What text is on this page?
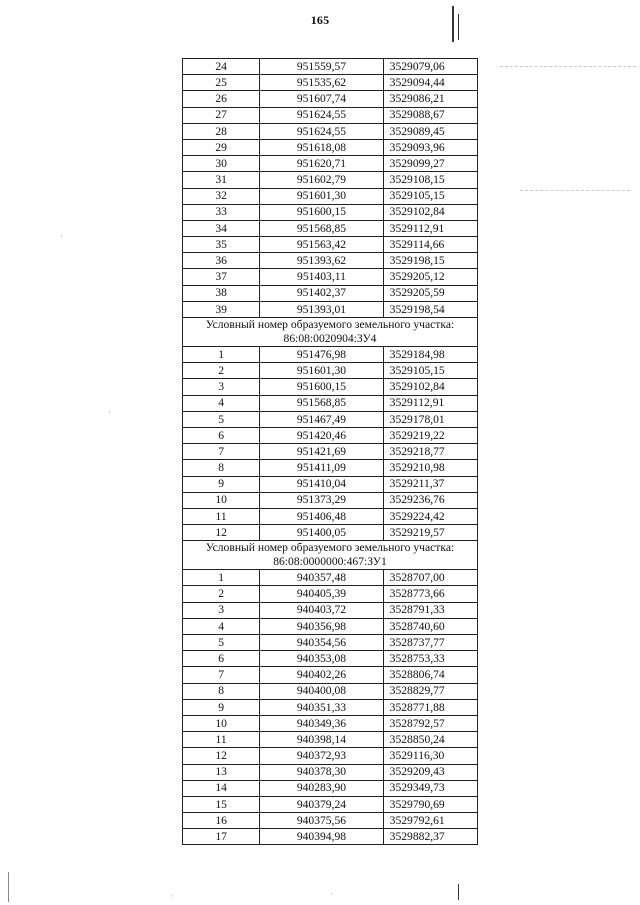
165
·
·
·	·
24	951559,57	3529079,06
25	951535,62	3529094,44
26	951607,74	3529086,21
27	951624,55	3529088,67
28	951624,55	3529089,45
29	951618,08	3529093,96
30	951620,71	3529099,27
31	951602,79	3529108,15
32	951601,30	3529105,15
33	951600,15	3529102,84
34	951568,85	3529112,91
35	951563,42	3529114,66
36	951393,62	3529198,15
37	951403,11	3529205,12
38	951402,37	3529205,59
39	951393,01	3529198,54
Условный номер образуемого земельного участка:
86:08:0020904:ЗУ4		
1	951476,98	3529184,98
2	951601,30	3529105,15
3	951600,15	3529102,84
4	951568,85	3529112,91
5	951467,49	3529178,01
6	951420,46	3529219,22
7	951421,69	3529218,77
8	951411,09	3529210,98
9	951410,04	3529211,37
10	951373,29	3529236,76
11	951406,48	3529224,42
12	951400,05	3529219,57
Условный номер образуемого земельного участка:
86:08:0000000:467:ЗУ1		
1	940357,48	3528707,00
2	940405,39	3528773,66
3	940403,72	3528791,33
4	940356,98	3528740,60
5	940354,56	3528737,77
6	940353,08	3528753,33
7	940402,26	3528806,74
8	940400,08	3528829,77
9	940351,33	3528771,88
10	940349,36	3528792,57
11	940398,14	3528850,24
12	940372,93	3529116,30
13	940378,30	3529209,43
14	940283,90	3529349,73
15	940379,24	3529790,69
16	940375,56	3529792,61
17	940394,98	3529882,37
